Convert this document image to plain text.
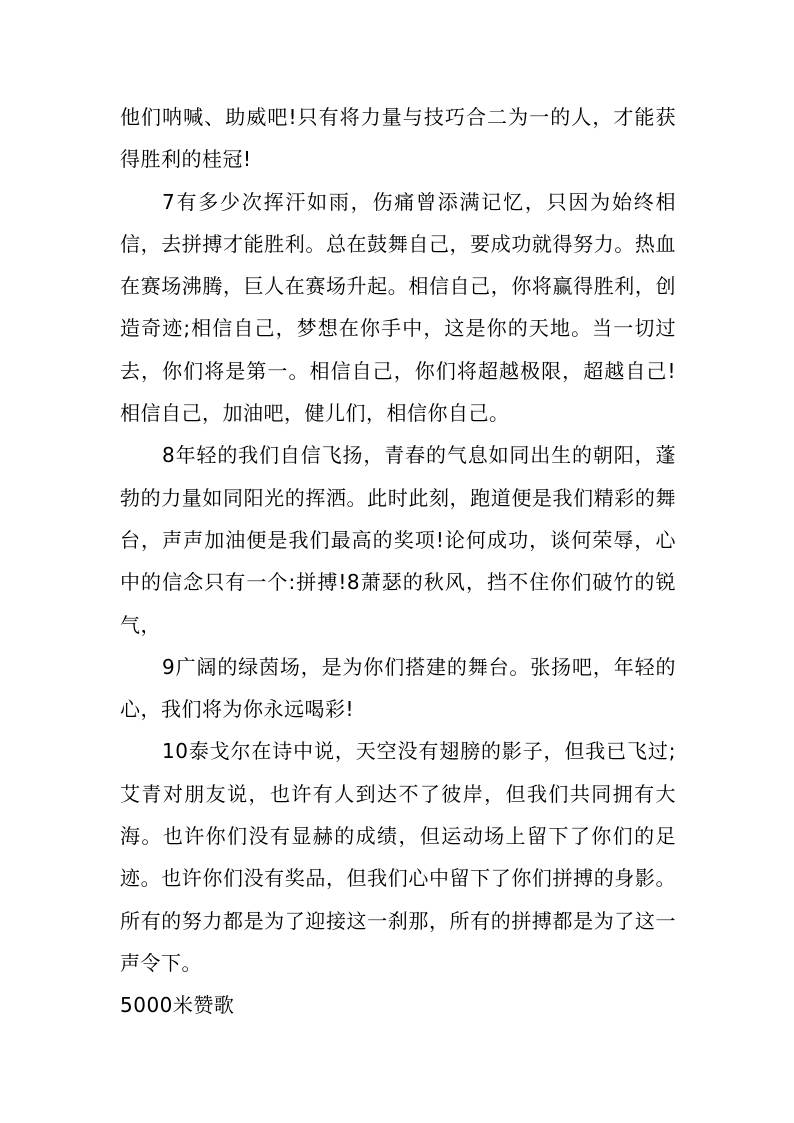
他们呐喊、助威吧!只有将力量与技巧合二为一的人，才能获得胜利的桂冠!

7有多少次挥汗如雨，伤痛曾添满记忆，只因为始终相信，去拼搏才能胜利。总在鼓舞自己，要成功就得努力。热血在赛场沸腾，巨人在赛场升起。相信自己，你将赢得胜利，创造奇迹;相信自己，梦想在你手中，这是你的天地。当一切过去，你们将是第一。相信自己，你们将超越极限，超越自己!相信自己，加油吧，健儿们，相信你自己。

8年轻的我们自信飞扬，青春的气息如同出生的朝阳，蓬勃的力量如同阳光的挥洒。此时此刻，跑道便是我们精彩的舞台，声声加油便是我们最高的奖项!论何成功，谈何荣辱，心中的信念只有一个:拼搏!8萧瑟的秋风，挡不住你们破竹的锐气，

9广阔的绿茵场，是为你们搭建的舞台。张扬吧，年轻的心，我们将为你永远喝彩!

10泰戈尔在诗中说，天空没有翅膀的影子，但我已飞过;艾青对朋友说，也许有人到达不了彼岸，但我们共同拥有大海。也许你们没有显赫的成绩，但运动场上留下了你们的足迹。也许你们没有奖品，但我们心中留下了你们拼搏的身影。所有的努力都是为了迎接这一刹那，所有的拼搏都是为了这一声令下。

5000米赞歌
